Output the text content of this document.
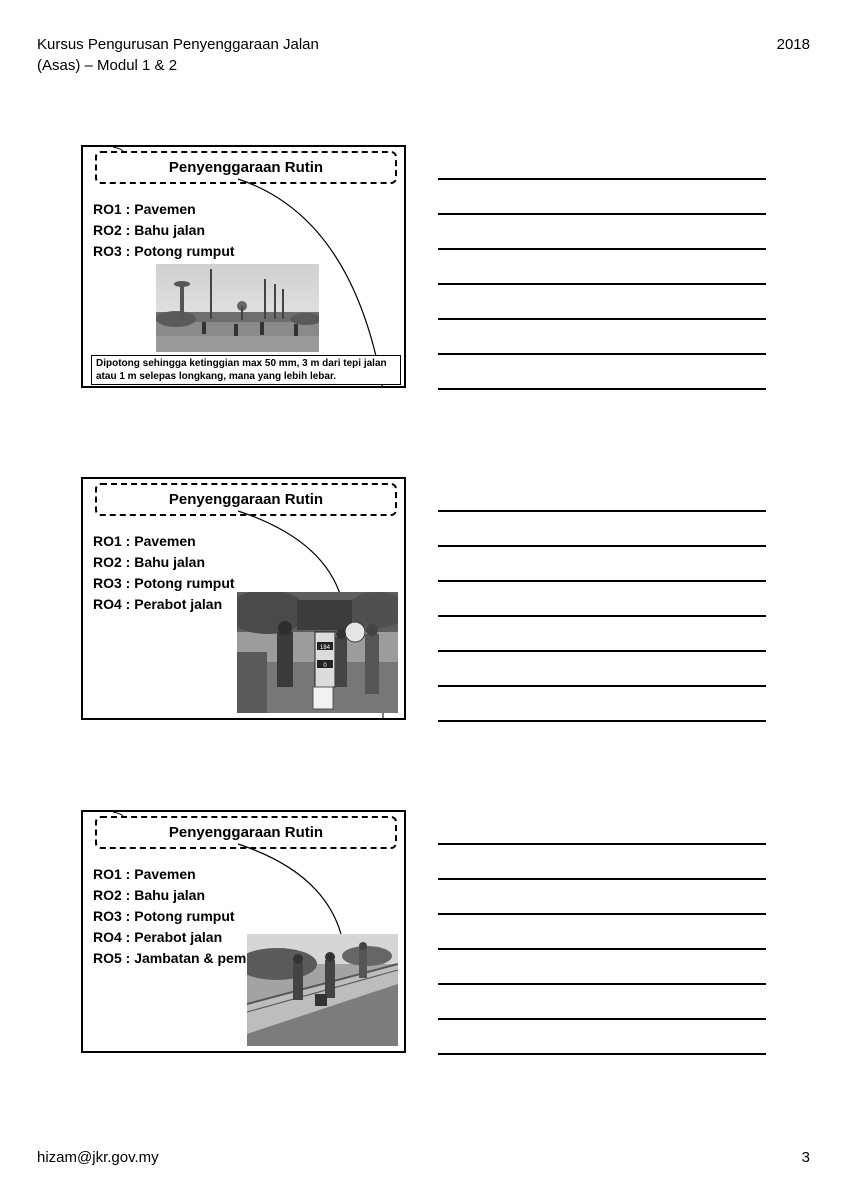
Kursus Pengurusan Penyenggaraan Jalan
(Asas) – Modul 1 & 2
2018
Penyenggaraan Rutin
RO1 : Pavemen
RO2 : Bahu jalan
RO3 : Potong rumput
Dipotong sehingga ketinggian max 50 mm, 3 m dari tepi jalan atau 1 m selepas longkang, mana yang lebih lebar.
Penyenggaraan Rutin
RO1 : Pavemen
RO2 : Bahu jalan
RO3 : Potong rumput
RO4 : Perabot jalan
184
0
Penyenggaraan Rutin
RO1 : Pavemen
RO2 : Bahu jalan
RO3 : Potong rumput
RO4 : Perabot jalan
RO5 : Jambatan & pem
hizam@jkr.gov.my	3
